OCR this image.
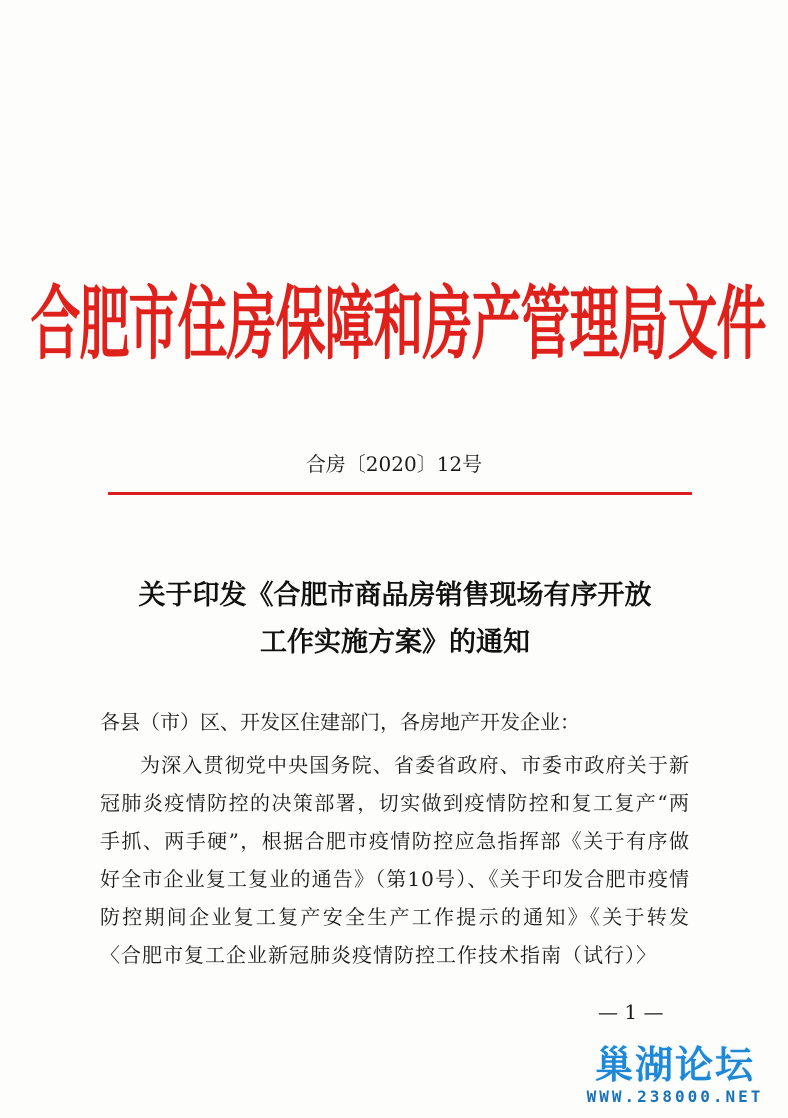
合肥市住房保障和房产管理局文件
合房〔2020〕12号
关于印发《合肥市商品房销售现场有序开放
工作实施方案》的通知
各县（市）区、开发区住建部门，各房地产开发企业：
为深入贯彻党中央国务院、省委省政府、市委市政府关于新冠肺炎疫情防控的决策部署，切实做到疫情防控和复工复产“两手抓、两手硬”，根据合肥市疫情防控应急指挥部《关于有序做好全市企业复工复业的通告》（第10号）、《关于印发合肥市疫情防控期间企业复工复产安全生产工作提示的通知》《关于转发〈合肥市复工企业新冠肺炎疫情防控工作技术指南（试行）〉
— 1 —
巢湖论坛
WWW.238000.NET
